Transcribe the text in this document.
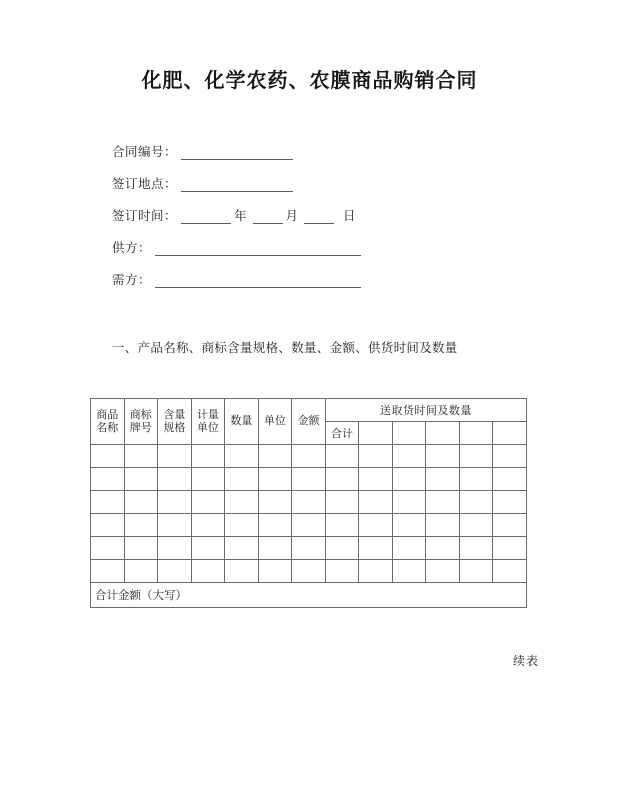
化肥、化学农药、农膜商品购销合同
合同编号：
签订地点：
签订时间：	年	月	日
供方：
需方：
一、产品名称、商标含量规格、数量、金额、供货时间及数量
商品名称	商标牌号	含量规格	计量单位	数量	单位	金额	送取货时间及数量					
							合计					

合计金额（大写）												
续表
